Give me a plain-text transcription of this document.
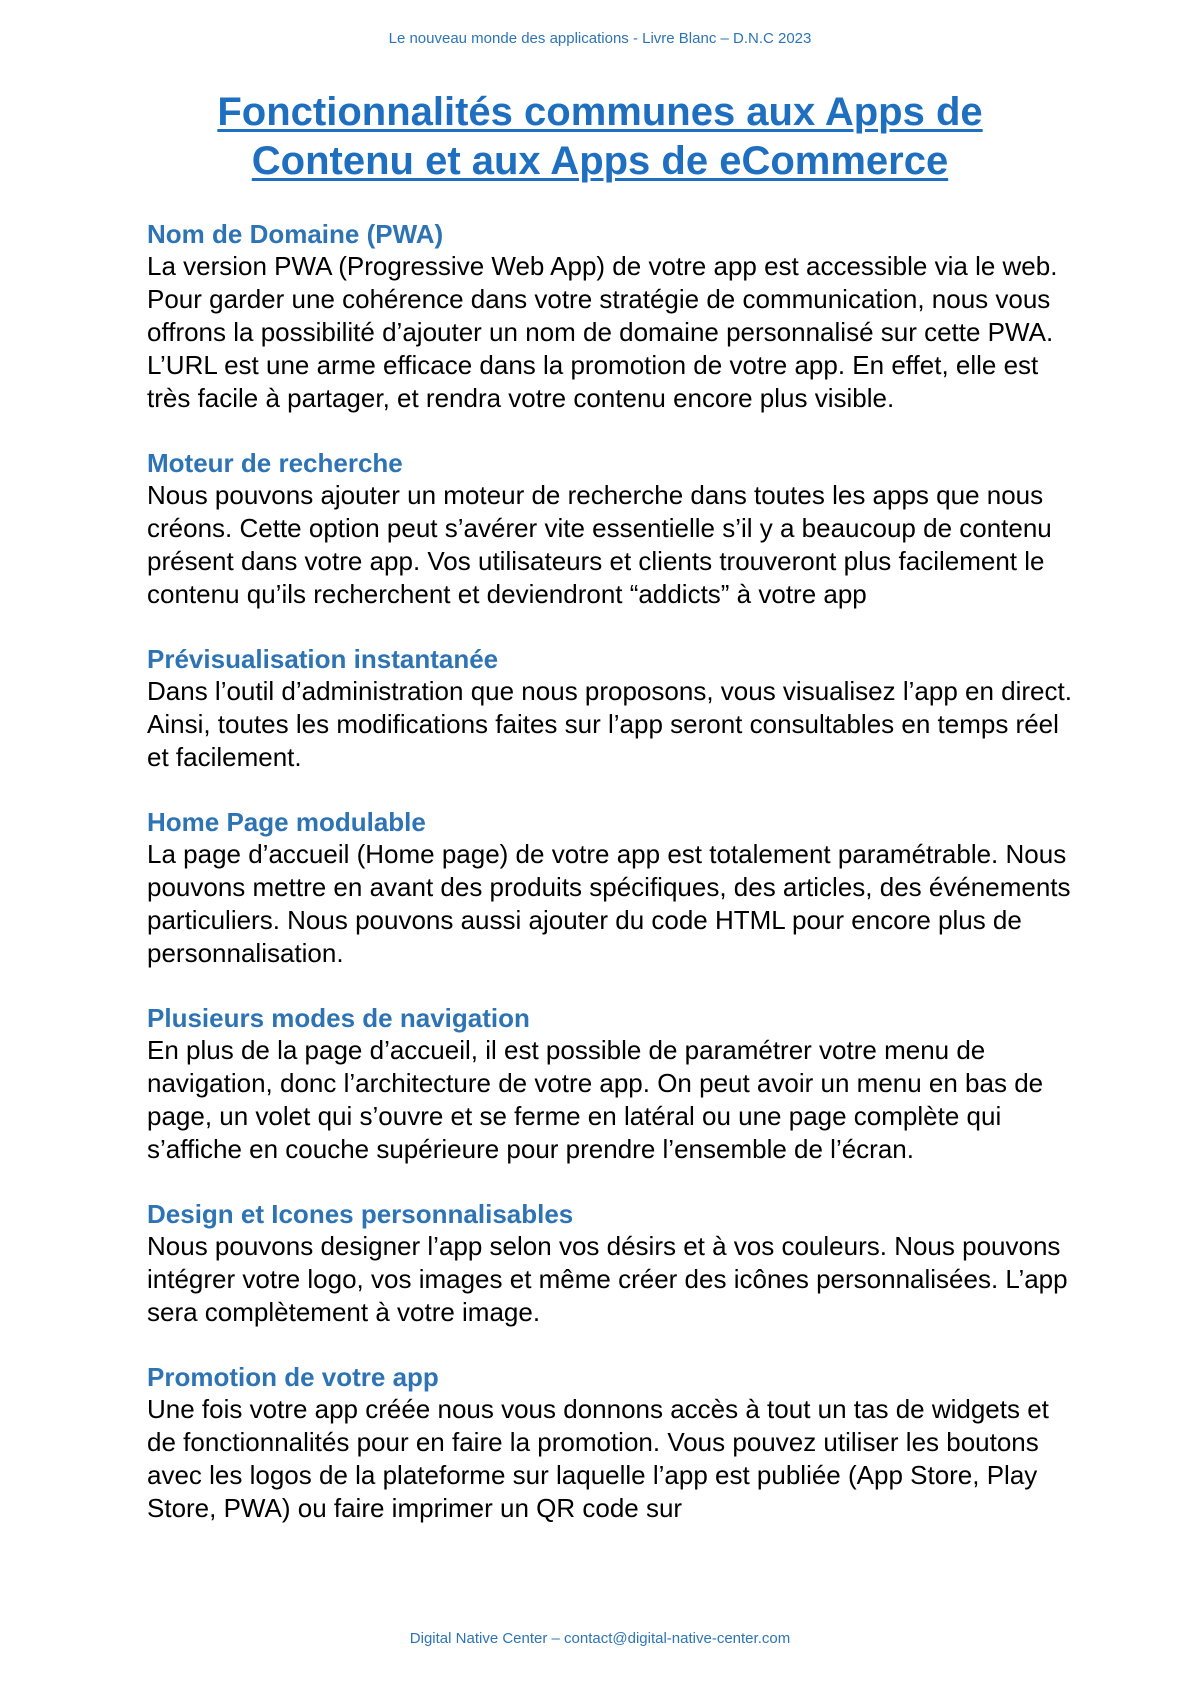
Le nouveau monde des applications - Livre Blanc – D.N.C 2023
Fonctionnalités communes aux Apps de
Contenu et aux Apps de eCommerce
Nom de Domaine (PWA)

La version PWA (Progressive Web App) de votre app est accessible via le web. Pour garder une cohérence dans votre stratégie de communication, nous vous offrons la possibilité d’ajouter un nom de domaine personnalisé sur cette PWA. L’URL est une arme efficace dans la promotion de votre app. En effet, elle est très facile à partager, et rendra votre contenu encore plus visible.

Moteur de recherche

Nous pouvons ajouter un moteur de recherche dans toutes les apps que nous créons. Cette option peut s’avérer vite essentielle s’il y a beaucoup de contenu présent dans votre app. Vos utilisateurs et clients trouveront plus facilement le contenu qu’ils recherchent et deviendront “addicts” à votre app

Prévisualisation instantanée

Dans l’outil d’administration que nous proposons, vous visualisez l’app en direct. Ainsi, toutes les modifications faites sur l’app seront consultables en temps réel et facilement.

Home Page modulable

La page d’accueil (Home page) de votre app est totalement paramétrable. Nous pouvons mettre en avant des produits spécifiques, des articles, des événements particuliers. Nous pouvons aussi ajouter du code HTML pour encore plus de personnalisation.

Plusieurs modes de navigation

En plus de la page d’accueil, il est possible de paramétrer votre menu de navigation, donc l’architecture de votre app. On peut avoir un menu en bas de page, un volet qui s’ouvre et se ferme en latéral ou une page complète qui s’affiche en couche supérieure pour prendre l’ensemble de l’écran.

Design et Icones personnalisables

Nous pouvons designer l’app selon vos désirs et à vos couleurs. Nous pouvons intégrer votre logo, vos images et même créer des icônes personnalisées. L’app sera complètement à votre image.

Promotion de votre app

Une fois votre app créée nous vous donnons accès à tout un tas de widgets et de fonctionnalités pour en faire la promotion. Vous pouvez utiliser les boutons avec les logos de la plateforme sur laquelle l’app est publiée (App Store, Play Store, PWA) ou faire imprimer un QR code sur

Digital Native Center – contact@digital-native-center.com
